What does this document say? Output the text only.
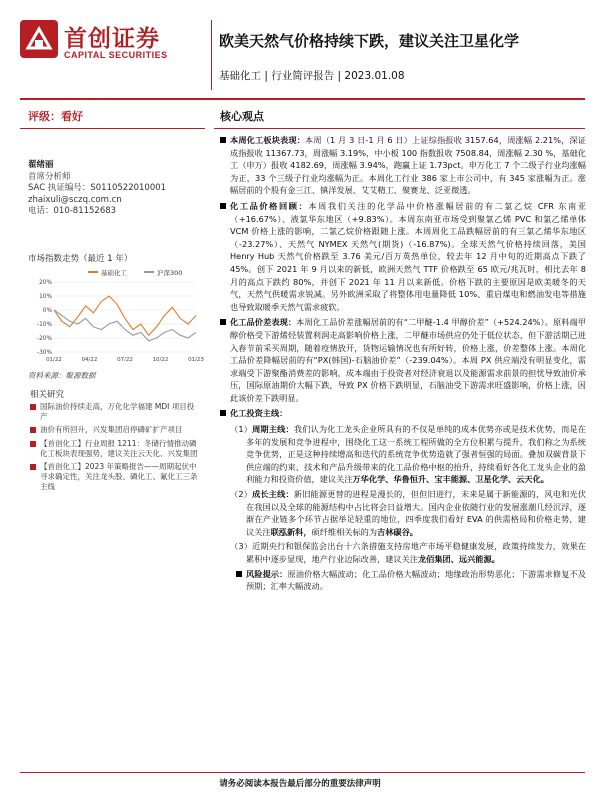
首创证券
CAPITAL SECURITIES
欧美天然气价格持续下跌，建议关注卫星化学
基础化工 | 行业简评报告 | 2023.01.08
评级：看好
翟绪丽
首席分析师
SAC 执证编号：S0110522010001
zhaixuli@sczq.com.cn
电话：010-81152683
市场指数走势（最近 1 年）
基础化工	沪深300
20%
10%
0%
-10%
-20%
-30%
01/22	04/22	07/22	10/22	01/23
资料来源：聚源数据
相关研究
国际油价持续走高，万化化学福建 MDI 项目投产
油价有所回升，兴发集团启停磷矿扩产项目
【首创化工】行业周报 1211：冬储行情推动磷化工板块表现强势，建议关注云天化、兴发集团
【首创化工】2023 年策略报告——周期起伏中寻求确定性，关注龙头股、磷化工、氟化工三条主线
核心观点
本周化工板块表现：本周（1 月 3 日-1 月 6 日）上证综指报收 3157.64，周涨幅 2.21%，深证成指报收 11367.73，周涨幅 3.19%，中小板 100 指数报收 7508.84，周涨幅 2.30 %，基础化工（申万）报收 4182.69，周涨幅 3.94%，跑赢上证 1.73pct。申万化工 7 个二级子行业均涨幅为正，33 个三级子行业均涨幅为正。本周化工行业 386 家上市公司中，有 345 家涨幅为正。涨幅居前的个股有金三江、镇洋发展、艾艾精工、聚赛龙、泛亚微透。
化工品价格回顾：本周我们关注的化学品中价格涨幅居前的有二氯乙烷 CFR 东南亚（+16.67%）、液氯华东地区（+9.83%）。本周东南亚市场受到聚氯乙烯 PVC 和氯乙烯单体 VCM 价格上涨的影响，二氯乙烷价格跟随上涨。本周周化工品跌幅居前的有三氯乙烯华东地区（-23.27%）、天然气 NYMEX 天然气(期货)（-16.87%)。全球天然气价格持续回落，美国 Henry Hub 天然气价格跌至 3.76 美元/百万英热单位，较去年 12 月中旬的近期高点下跌了 45%。创下 2021 年 9 月以来的新低，欧洲天然气 TTF 价格跌至 65 欧元/兆瓦时，相比去年 8 月的高点下跌约 80%，并创下 2021 年 11 月以来新低。价格下跌的主要原因是欧美暖冬的天气，天然气供暖需求锐减。另外欧洲采取了将整体用电量降低 10%、重启煤电和燃油发电等措施也导致取暖季天然气需求疲软。
化工品价差表现：本周化工品价差涨幅居前的有“二甲醚-1.4 甲醇价差”（+524.24%）。原料端甲醇价格受下游烯烃装置利润走高影响价格上涨，二甲醚市场供应仍处于低位状态，但下游活期已进入春节前采买周期，随着疫情放开，货物运输情况也有所好转，价格上涨，价差整体上涨。本周化工品价差降幅居前的有“PX(韩国)-石脑油价差”（-239.04%）。本周 PX 供应端没有明显变化，需求端受下游聚酯消费差的影响，成本端由于投资者对经济衰退以及能源需求前景的担忧导致油价承压，国际原油期价大幅下跌，导致 PX 价格下跌明显，石脑油受下游需求旺盛影响，价格上涨，因此该价差下跌明显。
化工投资主线：
（1）周期主线：我们认为化工龙头企业所具有的不仅是单纯的成本优势亦或是技术优势，而是在多年的发展和竞争进程中，围绕化工这一系统工程所做的全方位积累与提升，我们称之为系统竞争优势，正是这种持续增高和迭代的系统竞争优势造就了强者恒强的局面。叠加双碳背景下供应端的约束、技术和产品升级带来的化工品价格中枢的抬升，持续看好各化工龙头企业的盈利能力和投资价值，建议关注万华化学、华鲁恒升、宝丰能源、卫星化学、云天化。
（2）成长主线：新旧能源更替的进程是漫长的，但但旧进行，未来是属于新能源的，风电和光伏在我国以及全球的能源结构中占比将会日益增大。国内企业依随行业的发展涨潮几经沉浮，逐渐在产业链多个环节占据举足轻重的地位，四季度我们看好 EVA 的供需格局和价格走势，建议关注联泓新科，硕纤维相关标的为吉林碳谷。
（3）近期央行和银保监会出台十六条措施支持房地产市场平稳健康发展，政策持续发力，效果在累积中逐步显现，地产行业边际改善，建议关注龙佰集团、远兴能源。
风险提示：原油价格大幅波动；化工品价格大幅波动；地缘政治形势恶化；下游需求修复不及预期；汇率大幅波动。
请务必阅读本报告最后部分的重要法律声明
